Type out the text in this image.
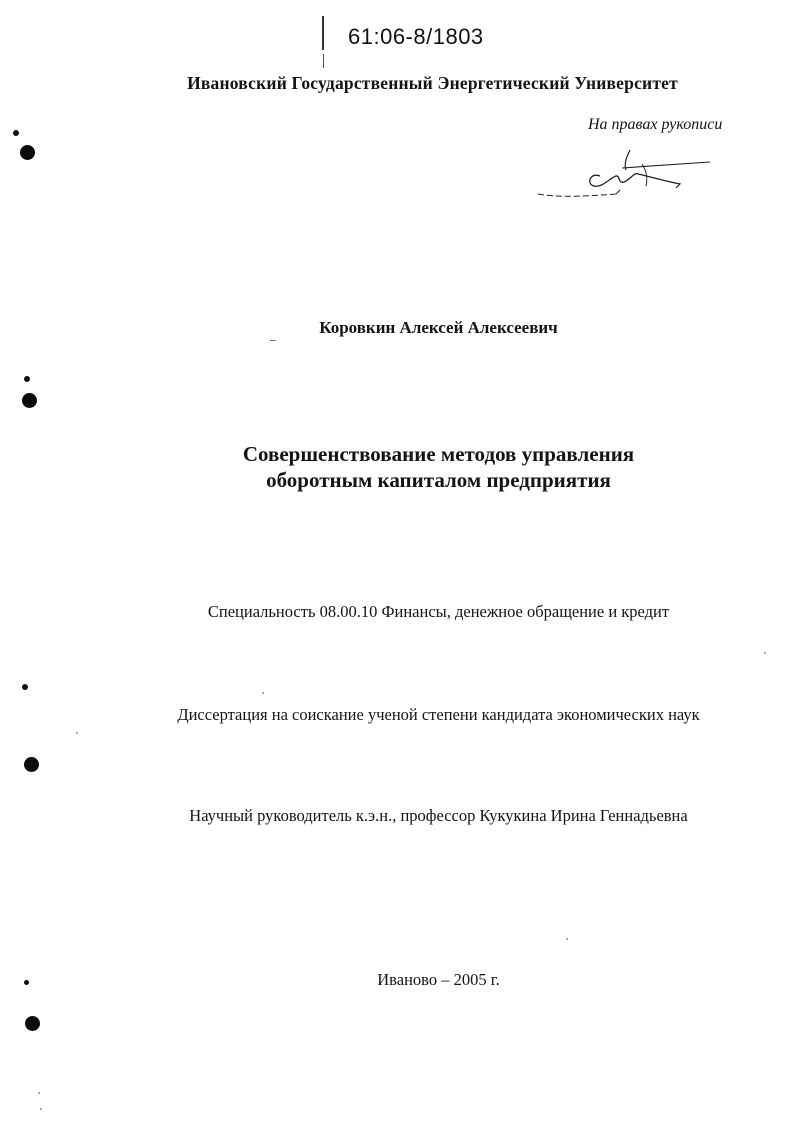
61:06-8/1803
Ивановский Государственный Энергетический Университет
На правах рукописи
Коровкин Алексей Алексеевич
Совершенствование методов управления
оборотным капиталом предприятия
Специальность 08.00.10 Финансы, денежное обращение и кредит
Диссертация на соискание ученой степени кандидата экономических наук
Научный руководитель к.э.н., профессор Кукукина Ирина Геннадьевна
Иваново – 2005 г.
